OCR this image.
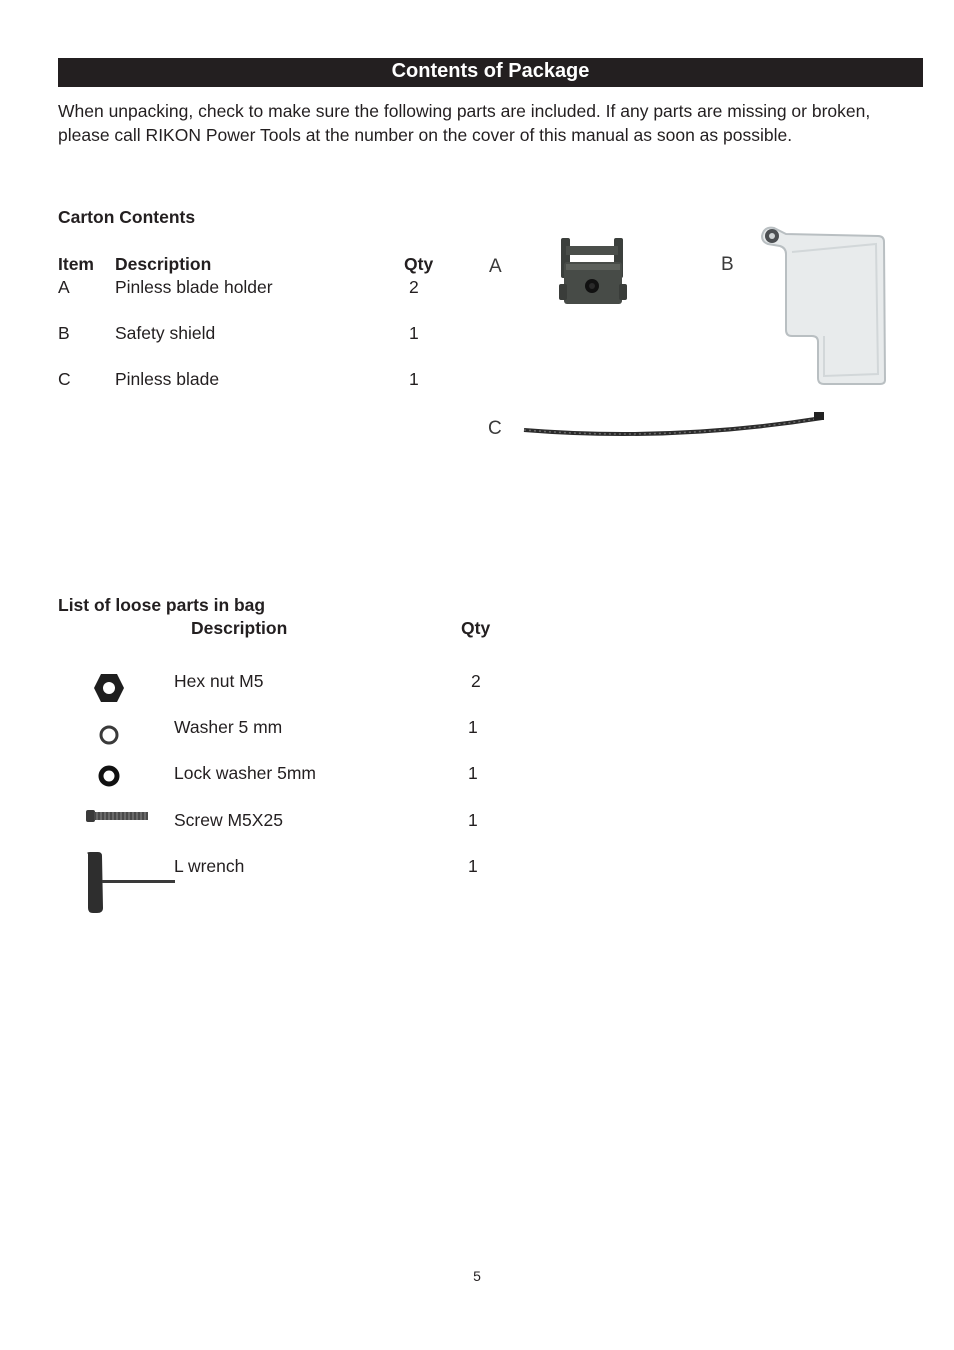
Contents of Package

When unpacking, check to make sure the following parts are included. If any parts are missing or broken, please call RIKON Power Tools at the number on the cover of this manual as soon as possible.

Carton Contents
Item Description	Qty
A	Pinless blade holder	2
B	Safety shield	1
C	Pinless blade	1
A	B
C
List of loose parts in bag
Description	Qty
Hex nut M5	2
Washer 5 mm	1
Lock washer 5mm	1
Screw M5X25	1
L wrench	1
5
